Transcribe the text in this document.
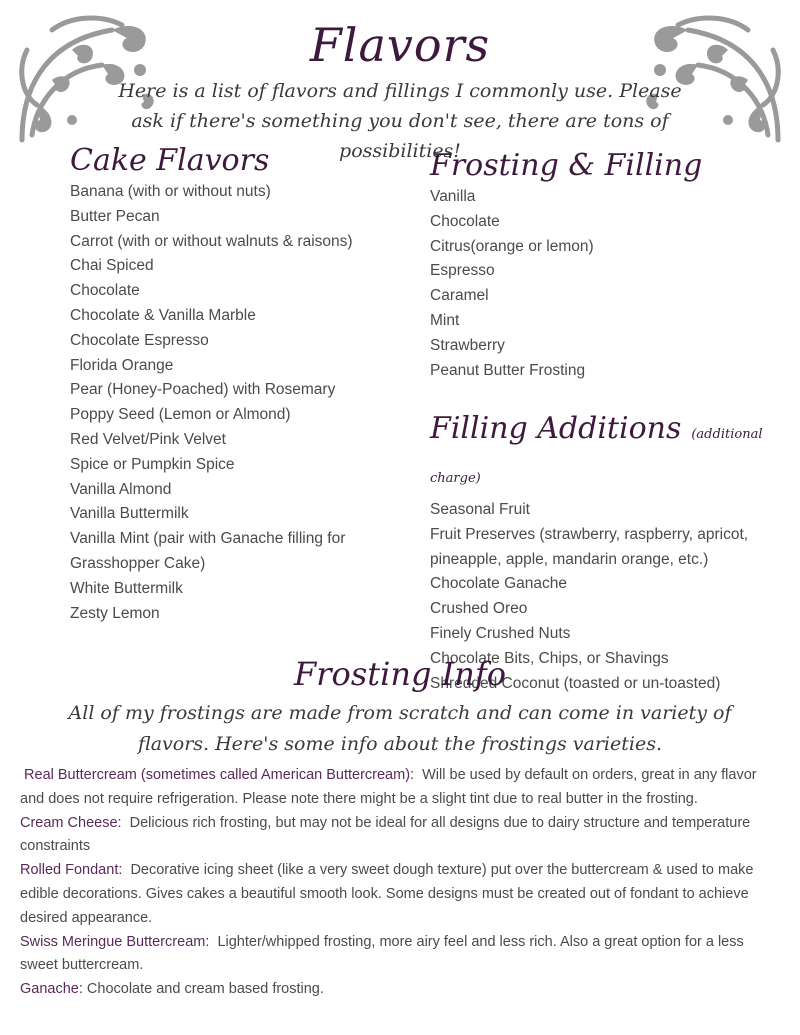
Flavors
Here is a list of flavors and fillings I commonly use. Please ask if there's something you don't see, there are tons of possibilities!
Cake Flavors
Banana (with or without nuts)
Butter Pecan
Carrot (with or without walnuts & raisons)
Chai Spiced
Chocolate
Chocolate & Vanilla Marble
Chocolate Espresso
Florida Orange
Pear (Honey-Poached) with Rosemary
Poppy Seed (Lemon or Almond)
Red Velvet/Pink Velvet
Spice or Pumpkin Spice
Vanilla Almond
Vanilla Buttermilk
Vanilla Mint (pair with Ganache filling for Grasshopper Cake)
White Buttermilk
Zesty Lemon
Frosting & Filling
Vanilla
Chocolate
Citrus(orange or lemon)
Espresso
Caramel
Mint
Strawberry
Peanut Butter Frosting
Filling Additions (additional charge)
Seasonal Fruit
Fruit Preserves (strawberry, raspberry, apricot, pineapple, apple, mandarin orange, etc.)
Chocolate Ganache
Crushed Oreo
Finely Crushed Nuts
Chocolate Bits, Chips, or Shavings
Shredded Coconut (toasted or un-toasted)
Frosting Info
All of my frostings are made from scratch and can come in variety of flavors. Here's some info about the frostings varieties.

Real Buttercream (sometimes called American Buttercream): Will be used by default on orders, great in any flavor and does not require refrigeration. Please note there might be a slight tint due to real butter in the frosting.

Cream Cheese: Delicious rich frosting, but may not be ideal for all designs due to dairy structure and temperature constraints

Rolled Fondant: Decorative icing sheet (like a very sweet dough texture) put over the buttercream & used to make edible decorations. Gives cakes a beautiful smooth look. Some designs must be created out of fondant to achieve desired appearance.

Swiss Meringue Buttercream: Lighter/whipped frosting, more airy feel and less rich. Also a great option for a less sweet buttercream.

Ganache: Chocolate and cream based frosting.
